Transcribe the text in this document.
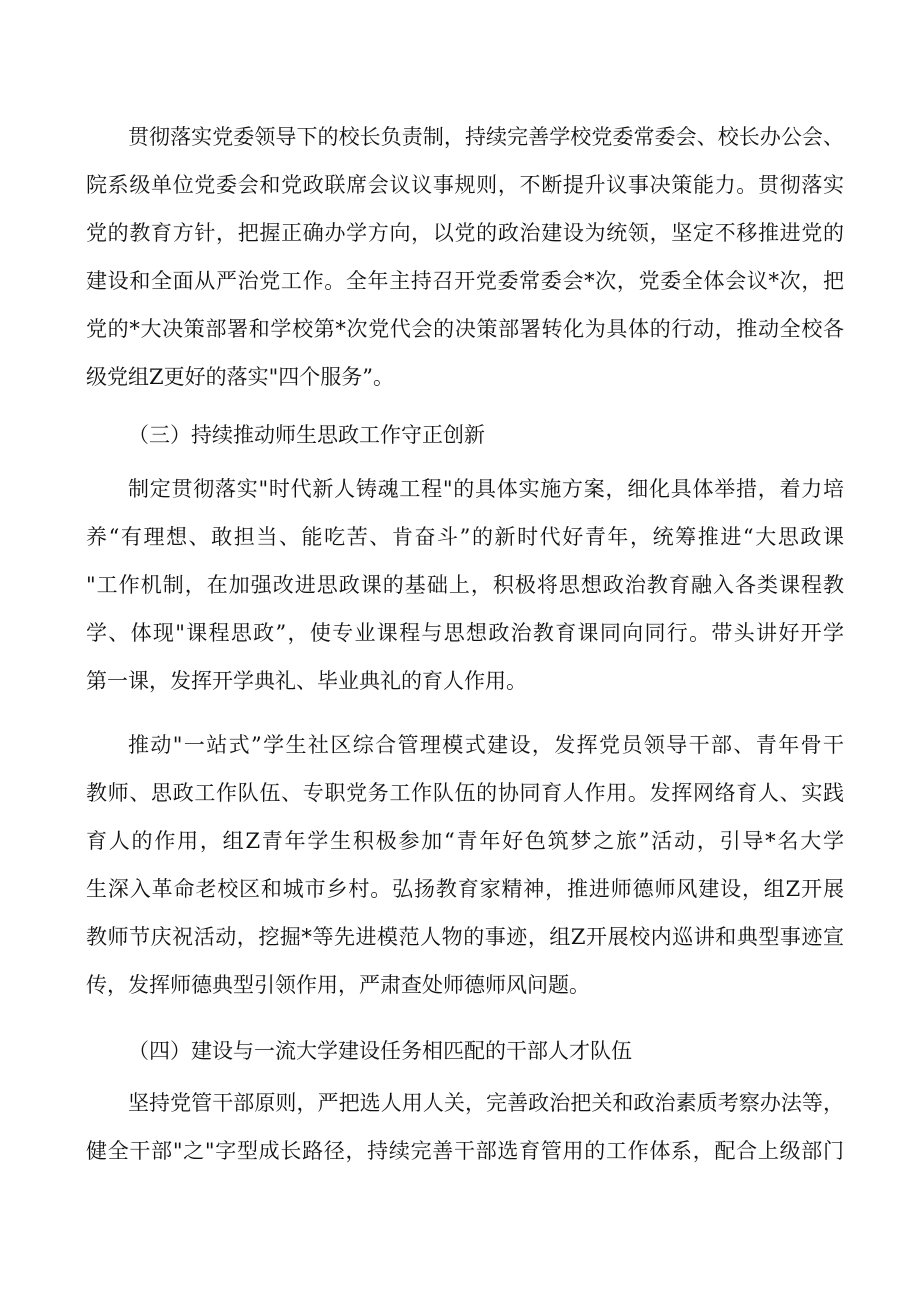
贯彻落实党委领导下的校长负责制，持续完善学校党委常委会、校长办公会、
院系级单位党委会和党政联席会议议事规则，不断提升议事决策能力。贯彻落实
党的教育方针，把握正确办学方向，以党的政治建设为统领，坚定不移推进党的
建设和全面从严治党工作。全年主持召开党委常委会*次，党委全体会议*次，把
党的*大决策部署和学校第*次党代会的决策部署转化为具体的行动，推动全校各
级党组Z更好的落实"四个服务”。
（三）持续推动师生思政工作守正创新
制定贯彻落实"时代新人铸魂工程"的具体实施方案，细化具体举措，着力培
养“有理想、敢担当、能吃苦、肯奋斗”的新时代好青年，统筹推进“大思政课
"工作机制，在加强改进思政课的基础上，积极将思想政治教育融入各类课程教
学、体现"课程思政”，使专业课程与思想政治教育课同向同行。带头讲好开学
第一课，发挥开学典礼、毕业典礼的育人作用。
推动"一站式”学生社区综合管理模式建设，发挥党员领导干部、青年骨干
教师、思政工作队伍、专职党务工作队伍的协同育人作用。发挥网络育人、实践
育人的作用，组Z青年学生积极参加“青年好色筑梦之旅”活动，引导*名大学
生深入革命老校区和城市乡村。弘扬教育家精神，推进师德师风建设，组Z开展
教师节庆祝活动，挖掘*等先进模范人物的事迹，组Z开展校内巡讲和典型事迹宣
传，发挥师德典型引领作用，严肃查处师德师风问题。
（四）建设与一流大学建设任务相匹配的干部人才队伍
坚持党管干部原则，严把选人用人关，完善政治把关和政治素质考察办法等，
健全干部"之"字型成长路径，持续完善干部选育管用的工作体系，配合上级部门
